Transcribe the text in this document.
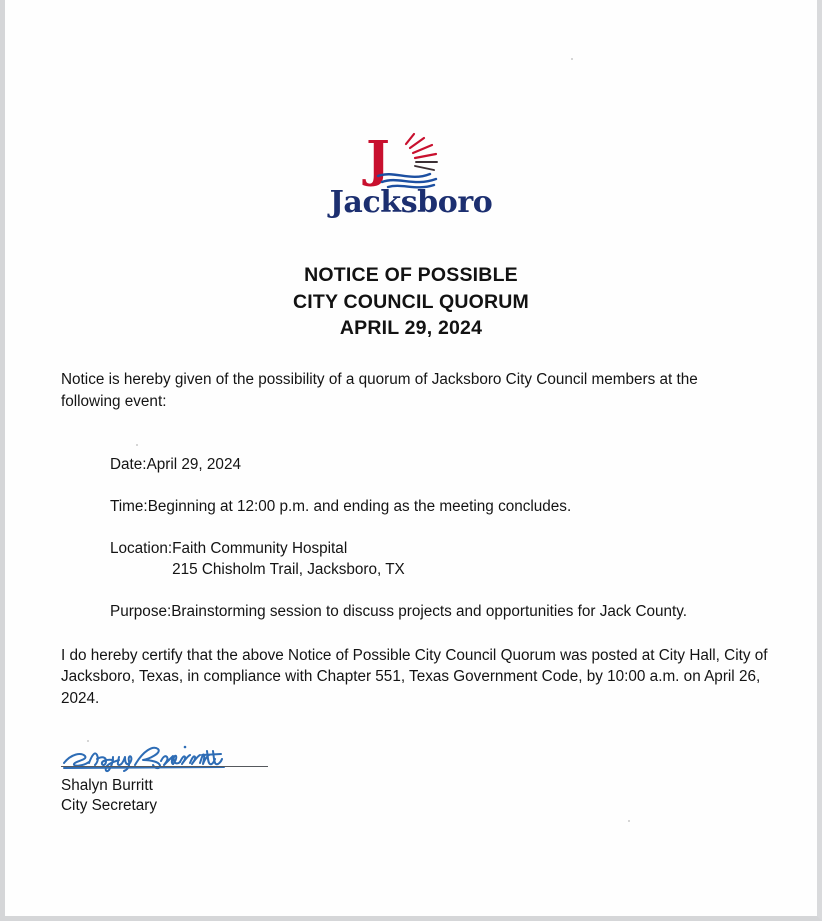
J
Jacksboro
NOTICE OF POSSIBLE
CITY COUNCIL QUORUM
APRIL 29, 2024

Notice is hereby given of the possibility of a quorum of Jacksboro City Council members at the following event:

Date: April 29, 2024
Time: Beginning at 12:00 p.m. and ending as the meeting concludes.
Location: Faith Community Hospital
215 Chisholm Trail, Jacksboro, TX
Purpose: Brainstorming session to discuss projects and opportunities for Jack County.

I do hereby certify that the above Notice of Possible City Council Quorum was posted at City Hall, City of Jacksboro, Texas, in compliance with Chapter 551, Texas Government Code, by 10:00 a.m. on April 26, 2024.

Shalyn Burritt
City Secretary
